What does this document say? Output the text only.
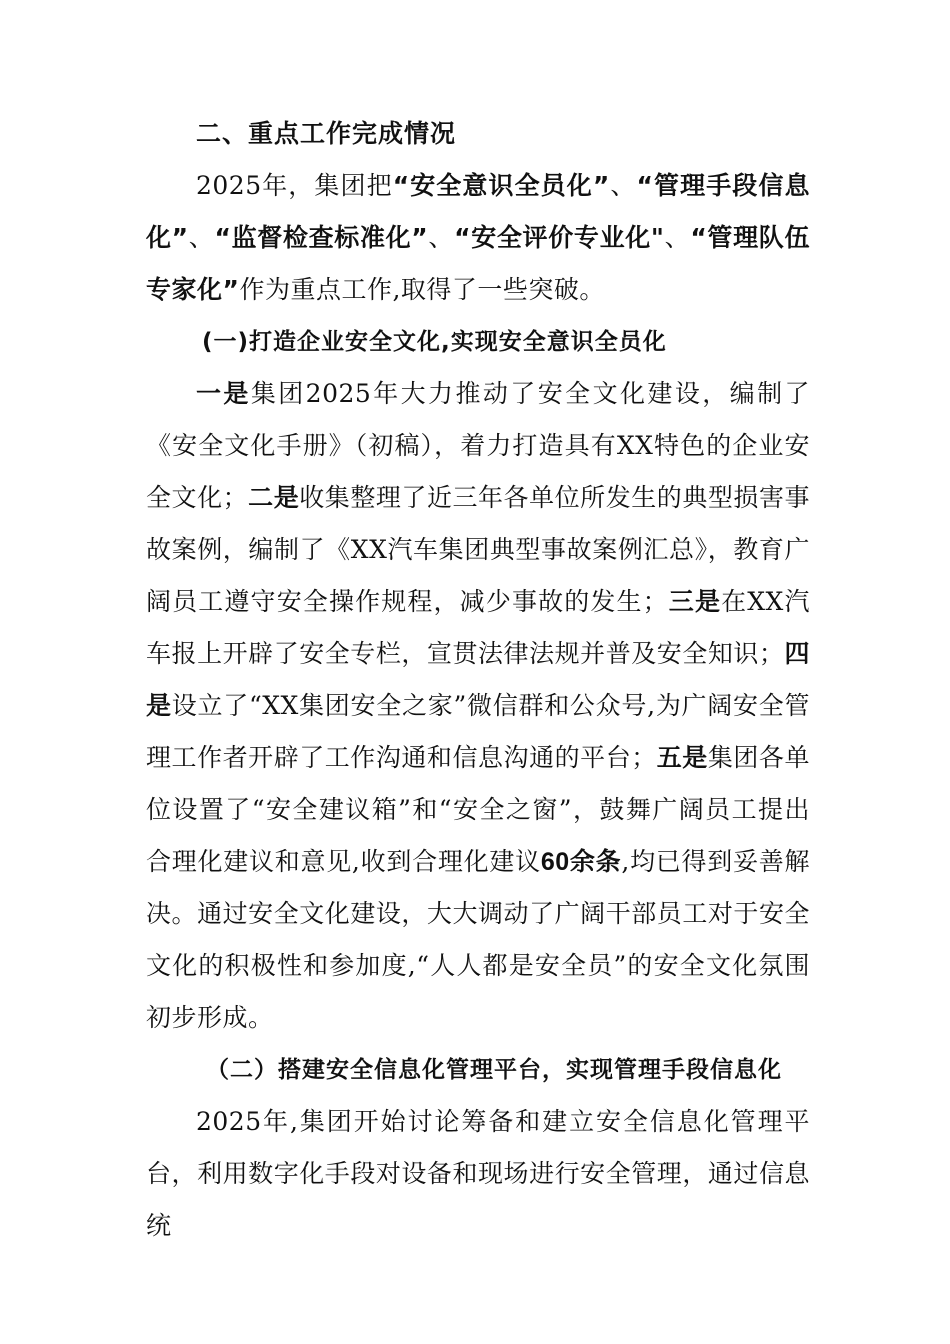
二、重点工作完成情况

2025年，集团把“安全意识全员化”、“管理手段信息化”、“监督检查标准化”、“安全评价专业化"、“管理队伍专家化”作为重点工作,取得了一些突破。

(一)打造企业安全文化,实现安全意识全员化

一是集团2025年大力推动了安全文化建设，编制了《安全文化手册》（初稿），着力打造具有XX特色的企业安全文化；二是收集整理了近三年各单位所发生的典型损害事故案例，编制了《XX汽车集团典型事故案例汇总》，教育广阔员工遵守安全操作规程，减少事故的发生；三是在XX汽车报上开辟了安全专栏，宣贯法律法规并普及安全知识；四是设立了“XX集团安全之家”微信群和公众号,为广阔安全管理工作者开辟了工作沟通和信息沟通的平台；五是集团各单位设置了“安全建议箱”和“安全之窗”，鼓舞广阔员工提出合理化建议和意见,收到合理化建议60余条,均已得到妥善解决。通过安全文化建设，大大调动了广阔干部员工对于安全文化的积极性和参加度,“人人都是安全员”的安全文化氛围初步形成。

（二）搭建安全信息化管理平台，实现管理手段信息化

2025年,集团开始讨论筹备和建立安全信息化管理平台，利用数字化手段对设备和现场进行安全管理，通过信息统
